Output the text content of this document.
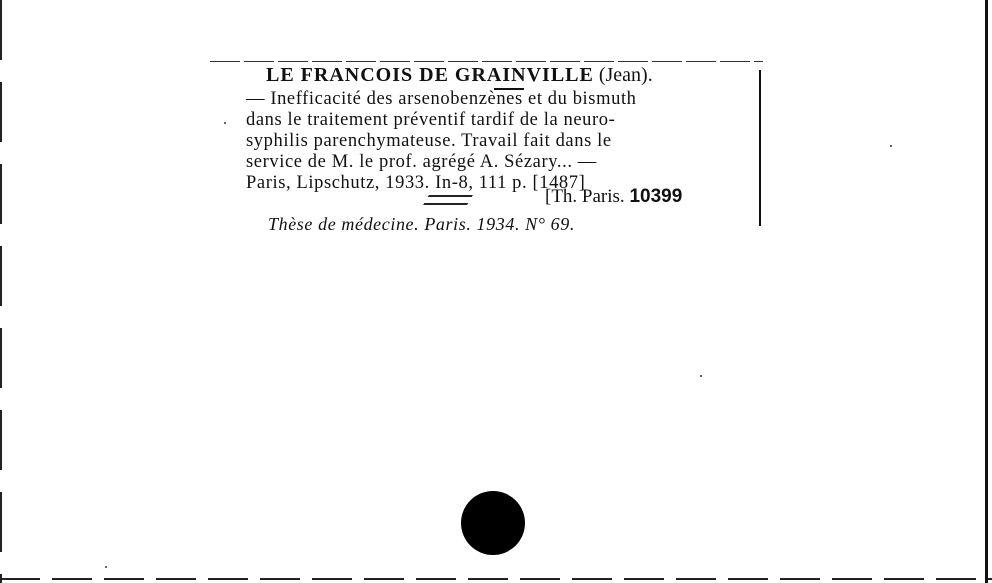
LE FRANCOIS DE GRAINVILLE (Jean).
— Inefficacité des arsenobenzènes et du bismuth
dans le traitement préventif tardif de la neuro-
syphilis parenchymateuse. Travail fait dans le
service de M. le prof. agrégé A. Sézary... —
Paris, Lipschutz, 1933. In-8, 111 p. [1487]
[Th. Paris. 10399
Thèse de médecine. Paris. 1934. N° 69.
